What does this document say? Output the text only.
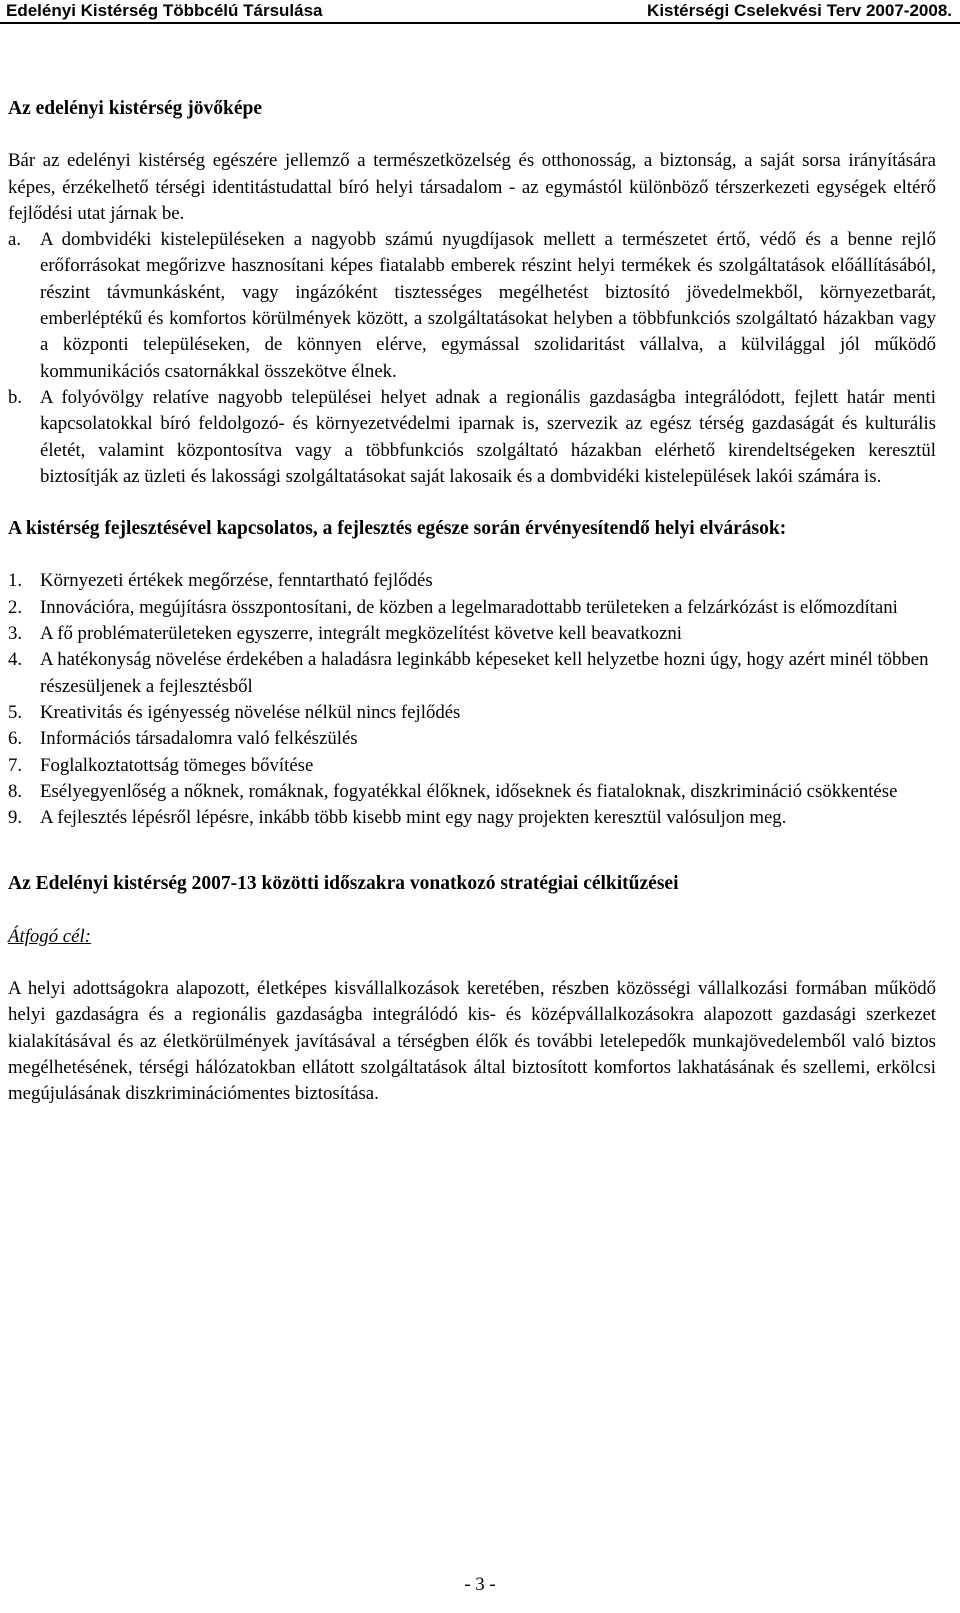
Edelényi Kistérség Többcélú Társulása	Kistérségi Cselekvési Terv 2007-2008.

Az edelényi kistérség jövőképe

Bár az edelényi kistérség egészére jellemző a természetközelség és otthonosság, a biztonság, a saját sorsa irányítására képes, érzékelhető térségi identitástudattal bíró helyi társadalom - az egymástól különböző térszerkezeti egységek eltérő fejlődési utat járnak be.

a.	A dombvidéki kistelepüléseken a nagyobb számú nyugdíjasok mellett a természetet értő, védő és a benne rejlő erőforrásokat megőrizve hasznosítani képes fiatalabb emberek részint helyi termékek és szolgáltatások előállításából, részint távmunkásként, vagy ingázóként tisztességes megélhetést biztosító jövedelmekből, környezetbarát, emberléptékű és komfortos körülmények között, a szolgáltatásokat helyben a többfunkciós szolgáltató házakban vagy a központi településeken, de könnyen elérve, egymással szolidaritást vállalva, a külvilággal jól működő kommunikációs csatornákkal összekötve élnek.
b. A folyóvölgy relatíve nagyobb települései helyet adnak a regionális gazdaságba integrálódott, fejlett határ menti kapcsolatokkal bíró feldolgozó- és környezetvédelmi iparnak is, szervezik az egész térség gazdaságát és kulturális életét, valamint központosítva vagy a többfunkciós szolgáltató házakban elérhető kirendeltségeken keresztül biztosítják az üzleti és lakossági szolgáltatásokat saját lakosaik és a dombvidéki kistelepülések lakói számára is.

A kistérség fejlesztésével kapcsolatos, a fejlesztés egésze során érvényesítendő helyi elvárások:

1. Környezeti értékek megőrzése, fenntartható fejlődés
2. Innovációra, megújításra összpontosítani, de közben a legelmaradottabb területeken a felzárkózást is előmozdítani
3. A fő problématerületeken egyszerre, integrált megközelítést követve kell beavatkozni
4. A hatékonyság növelése érdekében a haladásra leginkább képeseket kell helyzetbe hozni úgy, hogy azért minél többen részesüljenek a fejlesztésből
5. Kreativitás és igényesség növelése nélkül nincs fejlődés
6. Információs társadalomra való felkészülés
7. Foglalkoztatottság tömeges bővítése
8. Esélyegyenlőség a nőknek, romáknak, fogyatékkal élőknek, időseknek és fiataloknak, diszkrimináció csökkentése
9. A fejlesztés lépésről lépésre, inkább több kisebb mint egy nagy projekten keresztül valósuljon meg.

Az Edelényi kistérség 2007-13 közötti időszakra vonatkozó stratégiai célkitűzései

Átfogó cél:

A helyi adottságokra alapozott, életképes kisvállalkozások keretében, részben közösségi vállalkozási formában működő helyi gazdaságra és a regionális gazdaságba integrálódó kis- és középvállalkozásokra alapozott gazdasági szerkezet kialakításával és az életkörülmények javításával a térségben élők és további letelepedők munkajövedelemből való biztos megélhetésének, térségi hálózatokban ellátott szolgáltatások által biztosított komfortos lakhatásának és szellemi, erkölcsi megújulásának diszkriminációmentes biztosítása.

- 3 -
